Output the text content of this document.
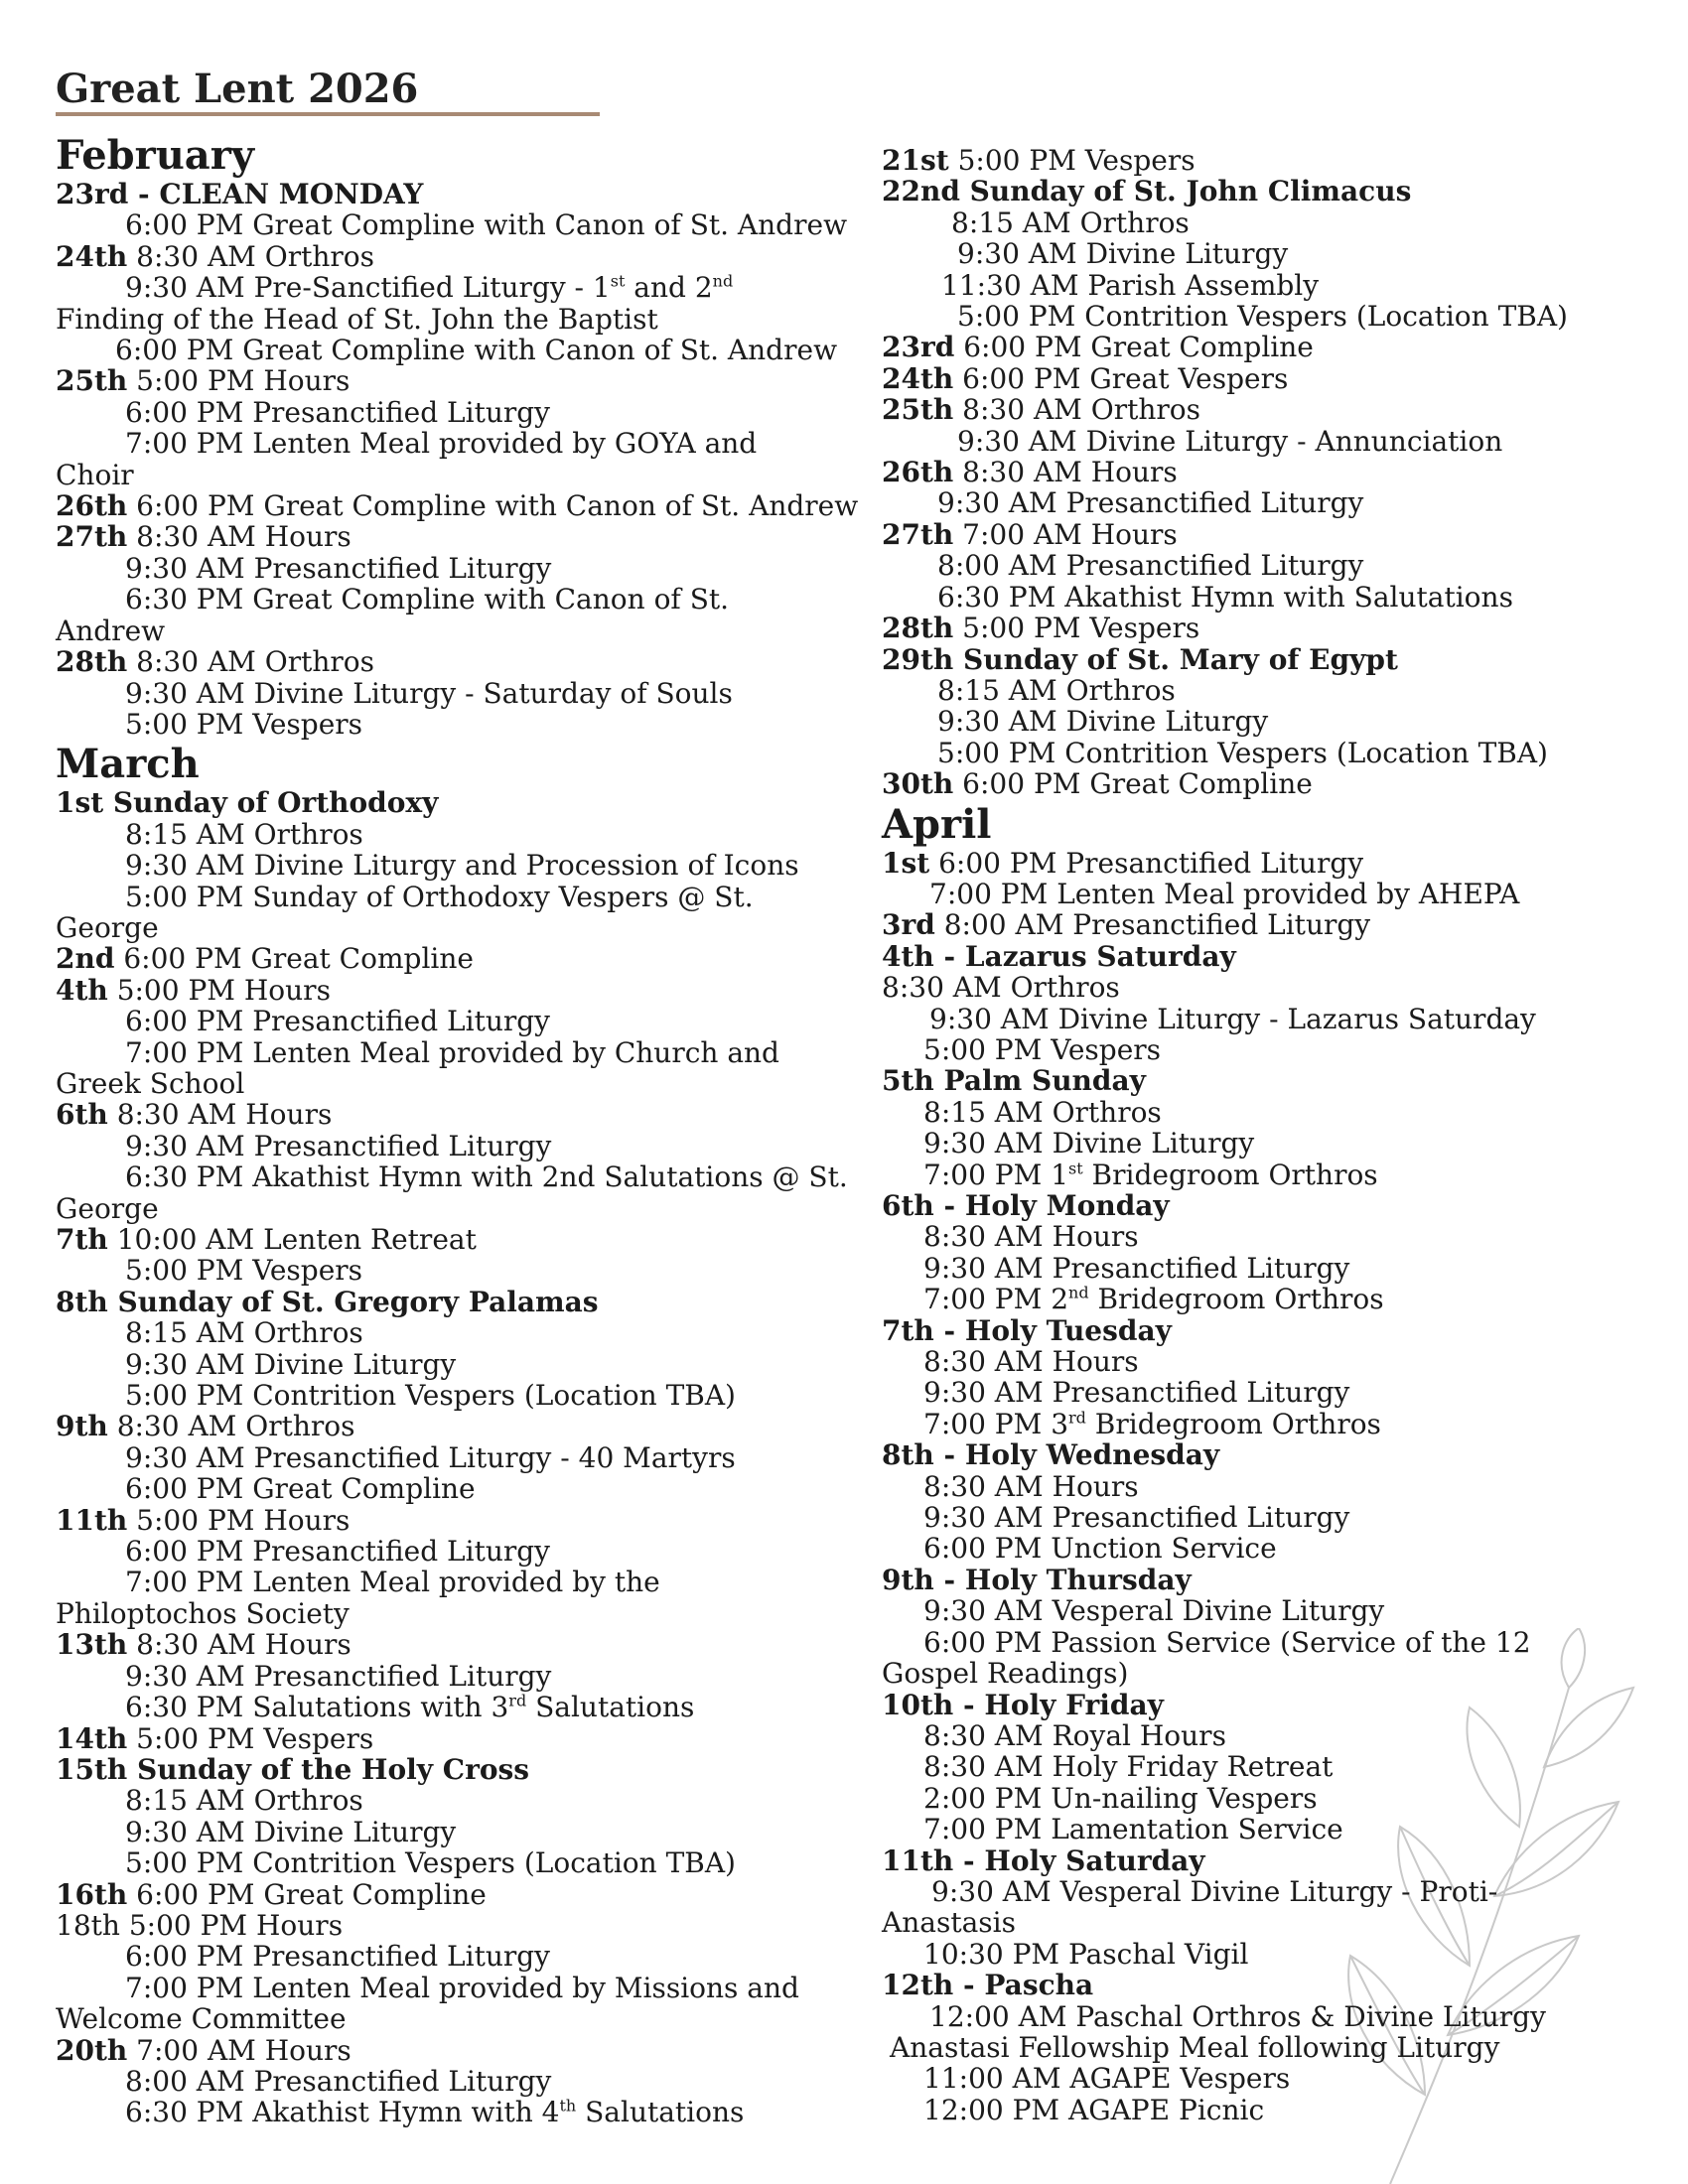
Great Lent 2026
February
23rd - CLEAN MONDAY
6:00 PM Great Compline with Canon of St. Andrew
24th 8:30 AM Orthros
9:30 AM Pre-Sanctified Liturgy - 1st and 2nd
Finding of the Head of St. John the Baptist
6:00 PM Great Compline with Canon of St. Andrew
25th 5:00 PM Hours
6:00 PM Presanctified Liturgy
7:00 PM Lenten Meal provided by GOYA and
Choir
26th 6:00 PM Great Compline with Canon of St. Andrew
27th 8:30 AM Hours
9:30 AM Presanctified Liturgy
6:30 PM Great Compline with Canon of St.
Andrew
28th 8:30 AM Orthros
9:30 AM Divine Liturgy - Saturday of Souls
5:00 PM Vespers
March
1st Sunday of Orthodoxy
8:15 AM Orthros
9:30 AM Divine Liturgy and Procession of Icons
5:00 PM Sunday of Orthodoxy Vespers @ St.
George
2nd 6:00 PM Great Compline
4th 5:00 PM Hours
6:00 PM Presanctified Liturgy
7:00 PM Lenten Meal provided by Church and
Greek School
6th 8:30 AM Hours
9:30 AM Presanctified Liturgy
6:30 PM Akathist Hymn with 2nd Salutations @ St.
George
7th 10:00 AM Lenten Retreat
5:00 PM Vespers
8th Sunday of St. Gregory Palamas
8:15 AM Orthros
9:30 AM Divine Liturgy
5:00 PM Contrition Vespers (Location TBA)
9th 8:30 AM Orthros
9:30 AM Presanctified Liturgy - 40 Martyrs
6:00 PM Great Compline
11th 5:00 PM Hours
6:00 PM Presanctified Liturgy
7:00 PM Lenten Meal provided by the
Philoptochos Society
13th 8:30 AM Hours
9:30 AM Presanctified Liturgy
6:30 PM Salutations with 3rd Salutations
14th 5:00 PM Vespers
15th Sunday of the Holy Cross
8:15 AM Orthros
9:30 AM Divine Liturgy
5:00 PM Contrition Vespers (Location TBA)
16th 6:00 PM Great Compline
18th 5:00 PM Hours
6:00 PM Presanctified Liturgy
7:00 PM Lenten Meal provided by Missions and
Welcome Committee
20th 7:00 AM Hours
8:00 AM Presanctified Liturgy
6:30 PM Akathist Hymn with 4th Salutations
21st 5:00 PM Vespers
22nd Sunday of St. John Climacus
8:15 AM Orthros
9:30 AM Divine Liturgy
11:30 AM Parish Assembly
5:00 PM Contrition Vespers (Location TBA)
23rd 6:00 PM Great Compline
24th 6:00 PM Great Vespers
25th 8:30 AM Orthros
9:30 AM Divine Liturgy - Annunciation
26th 8:30 AM Hours
9:30 AM Presanctified Liturgy
27th 7:00 AM Hours
8:00 AM Presanctified Liturgy
6:30 PM Akathist Hymn with Salutations
28th 5:00 PM Vespers
29th Sunday of St. Mary of Egypt
8:15 AM Orthros
9:30 AM Divine Liturgy
5:00 PM Contrition Vespers (Location TBA)
30th 6:00 PM Great Compline
April
1st 6:00 PM Presanctified Liturgy
7:00 PM Lenten Meal provided by AHEPA
3rd 8:00 AM Presanctified Liturgy
4th - Lazarus Saturday
8:30 AM Orthros
9:30 AM Divine Liturgy - Lazarus Saturday
5:00 PM Vespers
5th Palm Sunday
8:15 AM Orthros
9:30 AM Divine Liturgy
7:00 PM 1st Bridegroom Orthros
6th - Holy Monday
8:30 AM Hours
9:30 AM Presanctified Liturgy
7:00 PM 2nd Bridegroom Orthros
7th - Holy Tuesday
8:30 AM Hours
9:30 AM Presanctified Liturgy
7:00 PM 3rd Bridegroom Orthros
8th - Holy Wednesday
8:30 AM Hours
9:30 AM Presanctified Liturgy
6:00 PM Unction Service
9th - Holy Thursday
9:30 AM Vesperal Divine Liturgy
6:00 PM Passion Service (Service of the 12
Gospel Readings)
10th - Holy Friday
8:30 AM Royal Hours
8:30 AM Holy Friday Retreat
2:00 PM Un-nailing Vespers
7:00 PM Lamentation Service
11th - Holy Saturday
9:30 AM Vesperal Divine Liturgy - Proti-
Anastasis
10:30 PM Paschal Vigil
12th - Pascha
12:00 AM Paschal Orthros & Divine Liturgy
Anastasi Fellowship Meal following Liturgy
11:00 AM AGAPE Vespers
12:00 PM AGAPE Picnic
